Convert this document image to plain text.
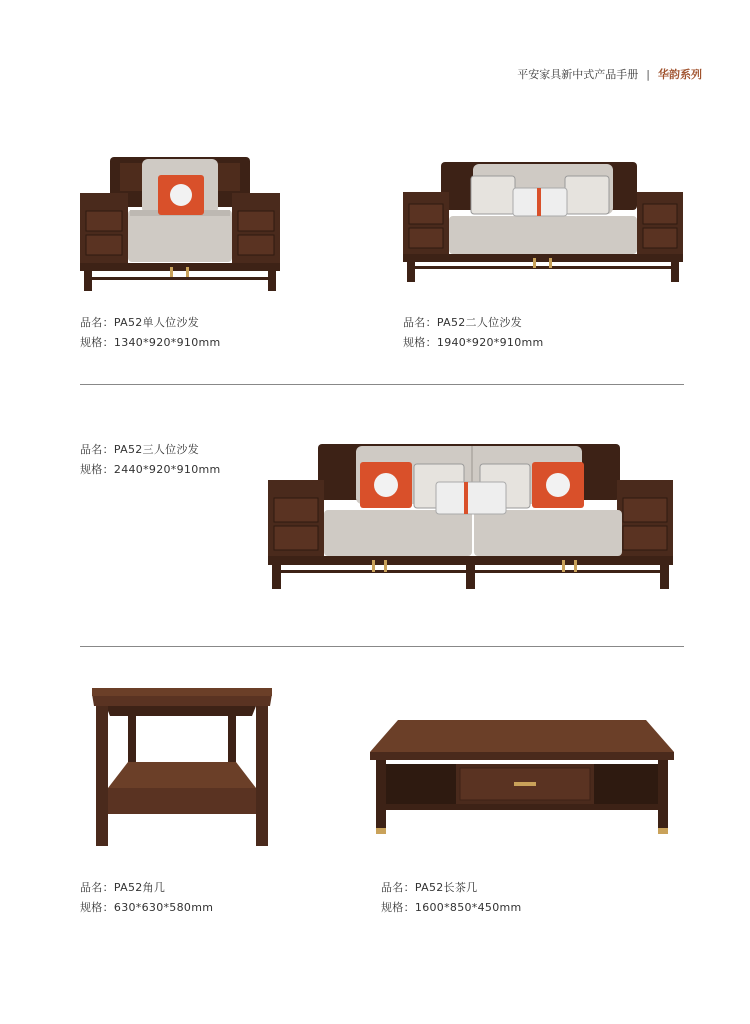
平安家具新中式产品手册 | 华韵系列
品名：PA52单人位沙发
规格：1340*920*910mm
品名：PA52二人位沙发
规格：1940*920*910mm
品名：PA52三人位沙发
规格：2440*920*910mm
品名：PA52角几
规格：630*630*580mm
品名：PA52长茶几
规格：1600*850*450mm
